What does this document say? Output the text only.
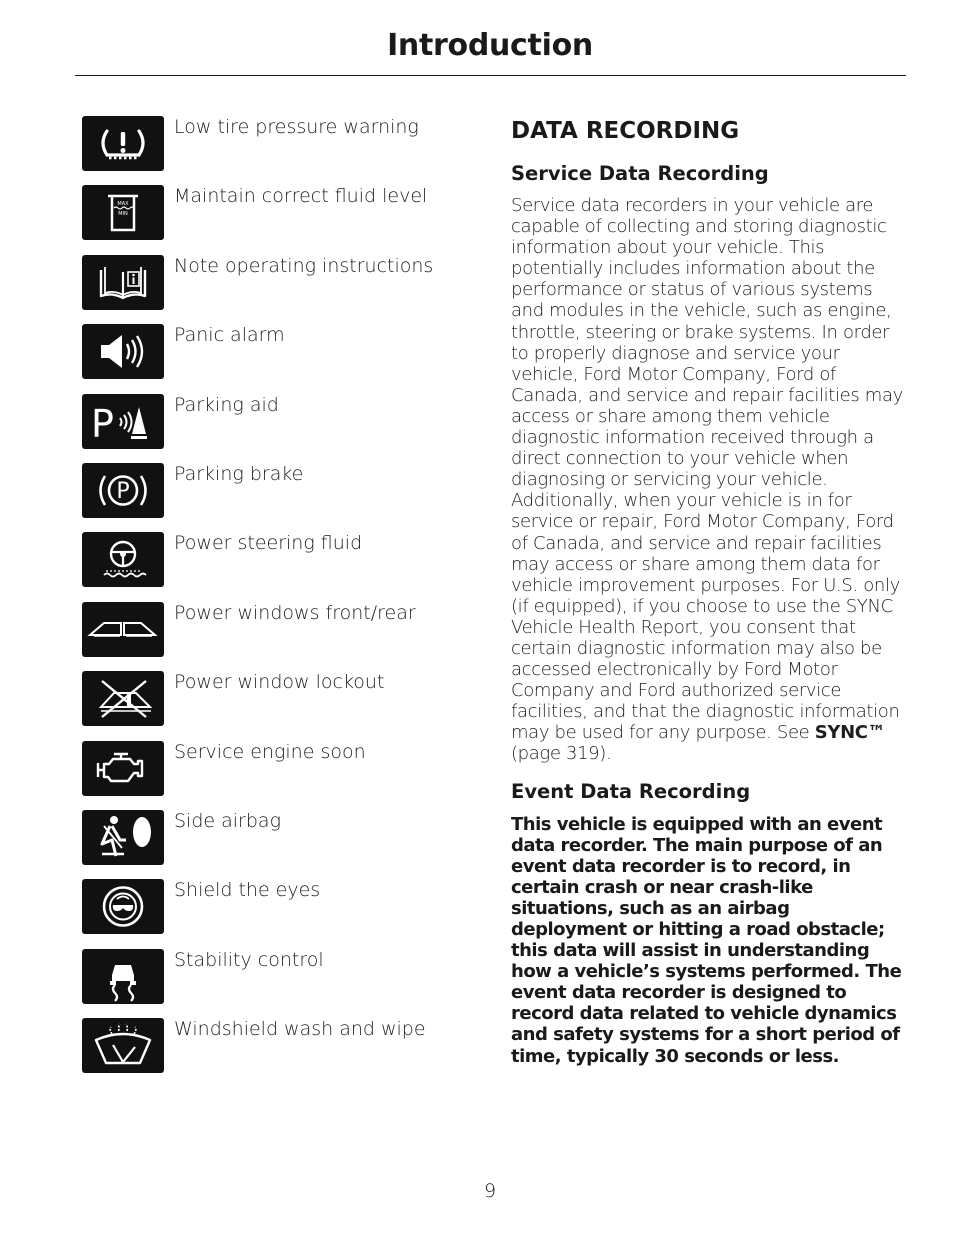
Introduction
Low tire pressure warning
MAX
MIN
Maintain correct fluid level
Note operating instructions
Panic alarm
P	Parking aid
P
Parking brake
Power steering fluid
Power windows front/rear
Power window lockout
Service engine soon
Side airbag
Shield the eyes
Stability control
Windshield wash and wipe
DATA RECORDING
Service Data Recording

Service data recorders in your vehicle are capable of collecting and storing diagnostic information about your vehicle. This potentially includes information about the performance or status of various systems and modules in the vehicle, such as engine, throttle, steering or brake systems. In order to properly diagnose and service your vehicle, Ford Motor Company, Ford of Canada, and service and repair facilities may access or share among them vehicle diagnostic information received through a direct connection to your vehicle when diagnosing or servicing your vehicle. Additionally, when your vehicle is in for service or repair, Ford Motor Company, Ford of Canada, and service and repair facilities may access or share among them data for vehicle improvement purposes. For U.S. only (if equipped), if you choose to use the SYNC Vehicle Health Report, you consent that certain diagnostic information may also be accessed electronically by Ford Motor Company and Ford authorized service facilities, and that the diagnostic information may be used for any purpose. See SYNC™ (page 319).

Event Data Recording

This vehicle is equipped with an event data recorder. The main purpose of an event data recorder is to record, in certain crash or near crash-like situations, such as an airbag deployment or hitting a road obstacle; this data will assist in understanding how a vehicle’s systems performed. The event data recorder is designed to record data related to vehicle dynamics and safety systems for a short period of time, typically 30 seconds or less.

9
